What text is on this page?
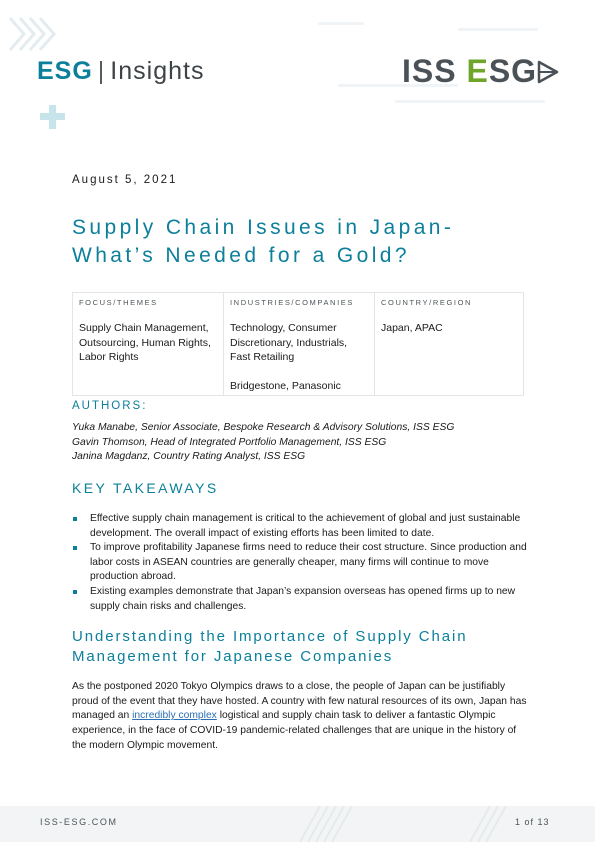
ESG | Insights	ISS ESG
August 5, 2021
Supply Chain Issues in Japan- What’s Needed for a Gold?
FOCUS/THEMES
Supply Chain Management, Outsourcing, Human Rights, Labor Rights
INDUSTRIES/COMPANIES
Technology, Consumer Discretionary, Industrials, Fast Retailing
Bridgestone, Panasonic
COUNTRY/REGION
Japan, APAC
AUTHORS:
Yuka Manabe, Senior Associate, Bespoke Research & Advisory Solutions, ISS ESG
Gavin Thomson, Head of Integrated Portfolio Management, ISS ESG
Janina Magdanz, Country Rating Analyst, ISS ESG
KEY TAKEAWAYS
Effective supply chain management is critical to the achievement of global and just sustainable development. The overall impact of existing efforts has been limited to date.
To improve profitability Japanese firms need to reduce their cost structure. Since production and labor costs in ASEAN countries are generally cheaper, many firms will continue to move production abroad.
Existing examples demonstrate that Japan’s expansion overseas has opened firms up to new supply chain risks and challenges.
Understanding the Importance of Supply Chain Management for Japanese Companies

As the postponed 2020 Tokyo Olympics draws to a close, the people of Japan can be justifiably proud of the event that they have hosted. A country with few natural resources of its own, Japan has managed an incredibly complex logistical and supply chain task to deliver a fantastic Olympic experience, in the face of COVID-19 pandemic-related challenges that are unique in the history of the modern Olympic movement.

ISS-ESG.COM	1 of 13
